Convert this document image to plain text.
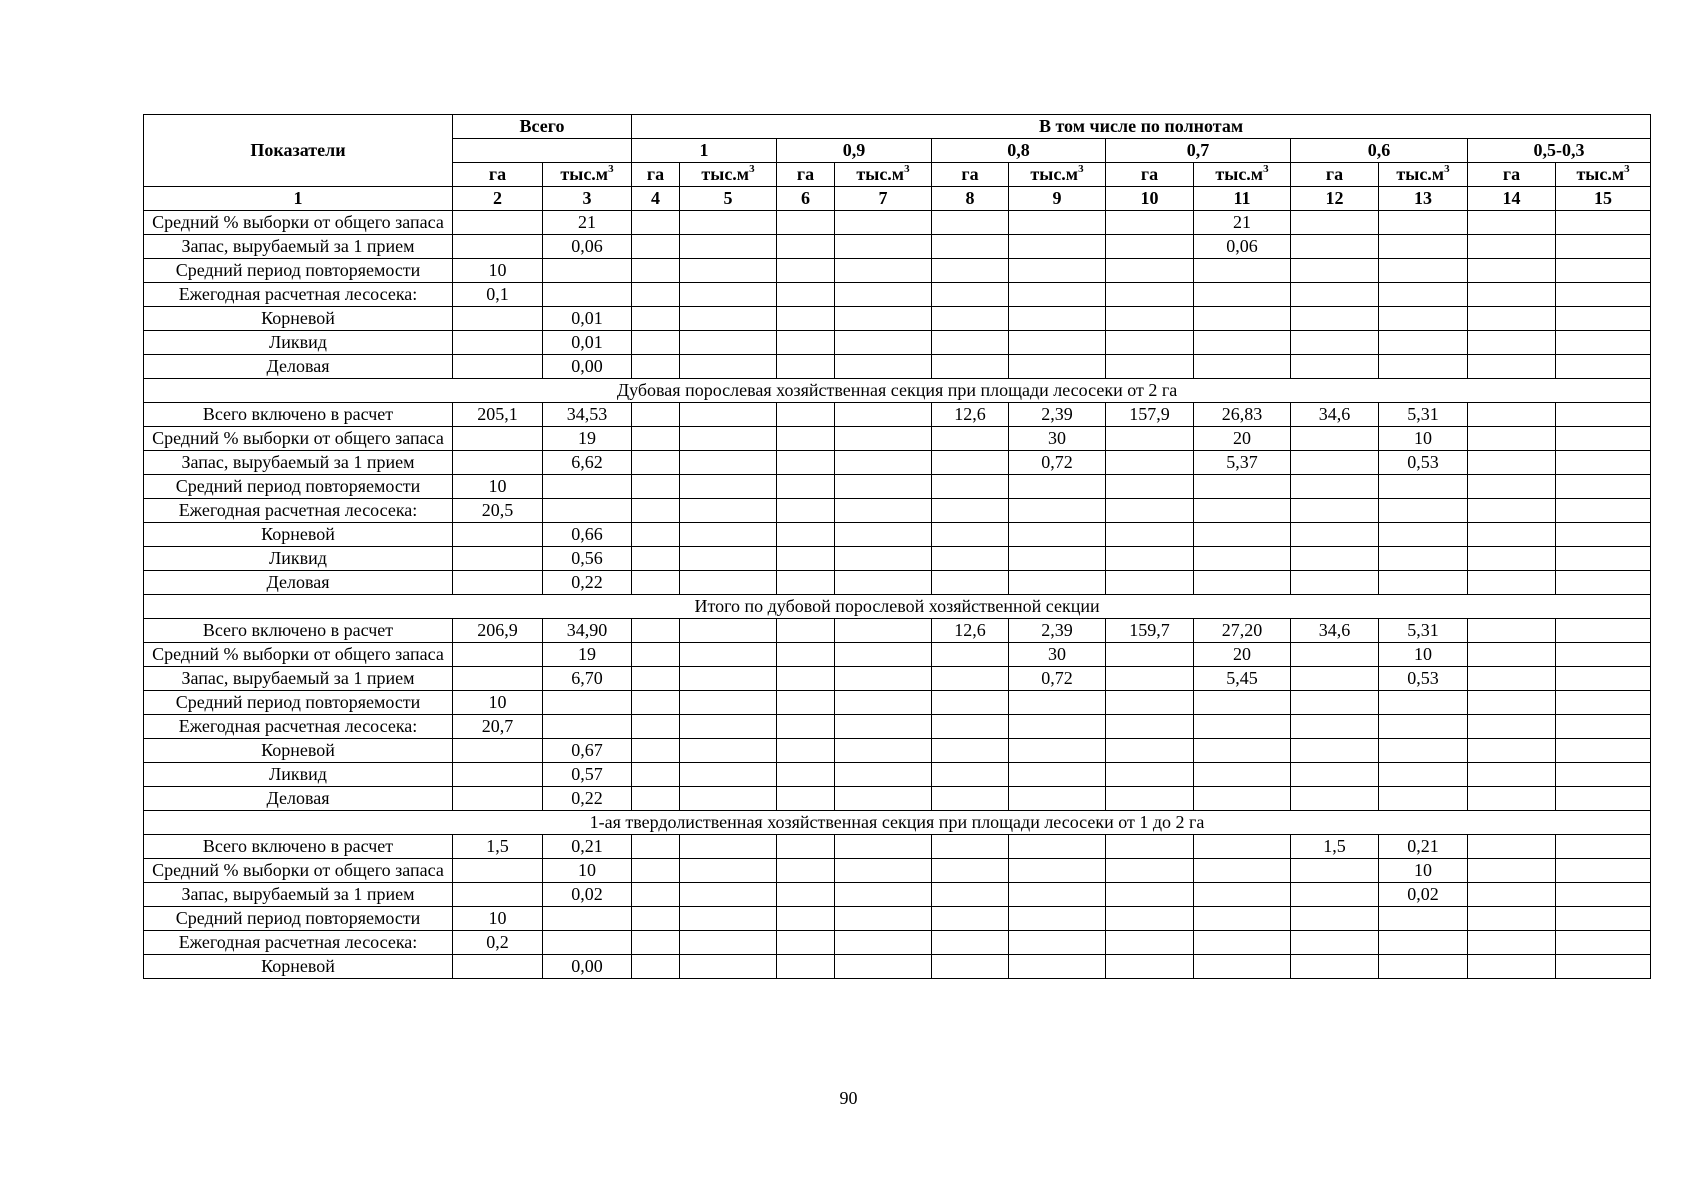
Показатели	Всего		В том числе по полнотам											
			1		0,9		0,8		0,7		0,6		0,5-0,3	
	га	$тыс.м^3$	га	$тыс.м^3$	га	$тыс.м^3$	га	$тыс.м^3$	га	$тыс.м^3$	га	$тыс.м^3$	га	$тыс.м^3$
1	2	3	4	5	6	7	8	9	10	11	12	13	14	15
Средний % выборки от общего запаса		21								21				
Запас, вырубаемый за 1 прием		0,06								0,06				
Средний период повторяемости	10													
Ежегодная расчетная лесосека:	0,1													
Корневой		0,01												
Ликвид		0,01												
Деловая		0,00												
Дубовая порослевая хозяйственная секция при площади лесосеки от 2 га														
Всего включено в расчет	205,1	34,53					12,6	2,39	157,9	26,83	34,6	5,31		
Средний % выборки от общего запаса		19						30		20		10		
Запас, вырубаемый за 1 прием		6,62						0,72		5,37		0,53		
Средний период повторяемости	10													
Ежегодная расчетная лесосека:	20,5													
Корневой		0,66												
Ликвид		0,56												
Деловая		0,22												
Итого по дубовой порослевой хозяйственной секции														
Всего включено в расчет	206,9	34,90					12,6	2,39	159,7	27,20	34,6	5,31		
Средний % выборки от общего запаса		19						30		20		10		
Запас, вырубаемый за 1 прием		6,70						0,72		5,45		0,53		
Средний период повторяемости	10													
Ежегодная расчетная лесосека:	20,7													
Корневой		0,67												
Ликвид		0,57												
Деловая		0,22												
1-ая твердолиственная хозяйственная секция при площади лесосеки от 1 до 2 га														
Всего включено в расчет	1,5	0,21									1,5	0,21		
Средний % выборки от общего запаса		10										10		
Запас, вырубаемый за 1 прием		0,02										0,02		
Средний период повторяемости	10													
Ежегодная расчетная лесосека:	0,2													
Корневой		0,00												
90
